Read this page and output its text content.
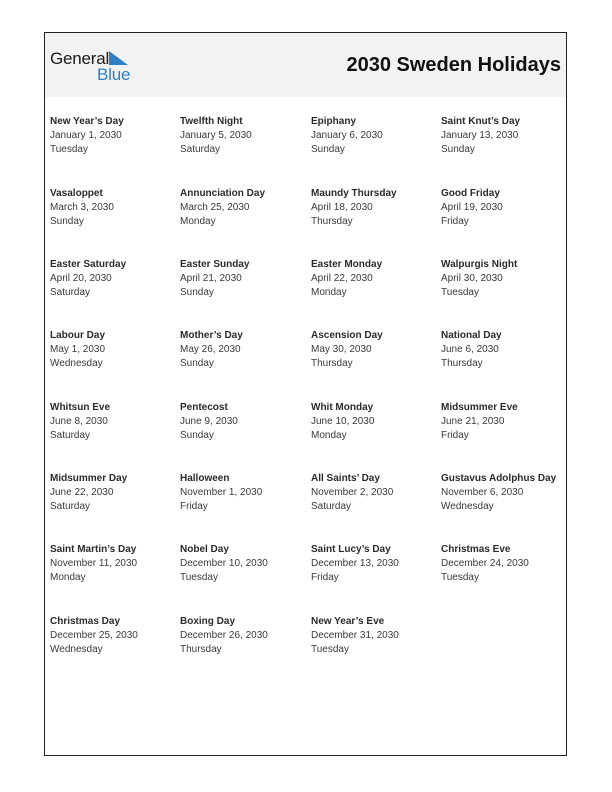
General
Blue	2030 Sweden Holidays
New Year’s Day
January 1, 2030
Tuesday
Twelfth Night
January 5, 2030
Saturday
Epiphany
January 6, 2030
Sunday
Saint Knut’s Day
January 13, 2030
Sunday
Vasaloppet
March 3, 2030
Sunday
Annunciation Day
March 25, 2030
Monday
Maundy Thursday
April 18, 2030
Thursday
Good Friday
April 19, 2030
Friday
Easter Saturday
April 20, 2030
Saturday
Easter Sunday
April 21, 2030
Sunday
Easter Monday
April 22, 2030
Monday
Walpurgis Night
April 30, 2030
Tuesday
Labour Day
May 1, 2030
Wednesday
Mother’s Day
May 26, 2030
Sunday
Ascension Day
May 30, 2030
Thursday
National Day
June 6, 2030
Thursday
Whitsun Eve
June 8, 2030
Saturday
Pentecost
June 9, 2030
Sunday
Whit Monday
June 10, 2030
Monday
Midsummer Eve
June 21, 2030
Friday
Midsummer Day
June 22, 2030
Saturday
Halloween
November 1, 2030
Friday
All Saints’ Day
November 2, 2030
Saturday
Gustavus Adolphus Day
November 6, 2030
Wednesday
Saint Martin’s Day
November 11, 2030
Monday
Nobel Day
December 10, 2030
Tuesday
Saint Lucy’s Day
December 13, 2030
Friday
Christmas Eve
December 24, 2030
Tuesday
Christmas Day
December 25, 2030
Wednesday
Boxing Day
December 26, 2030
Thursday
New Year’s Eve
December 31, 2030
Tuesday
